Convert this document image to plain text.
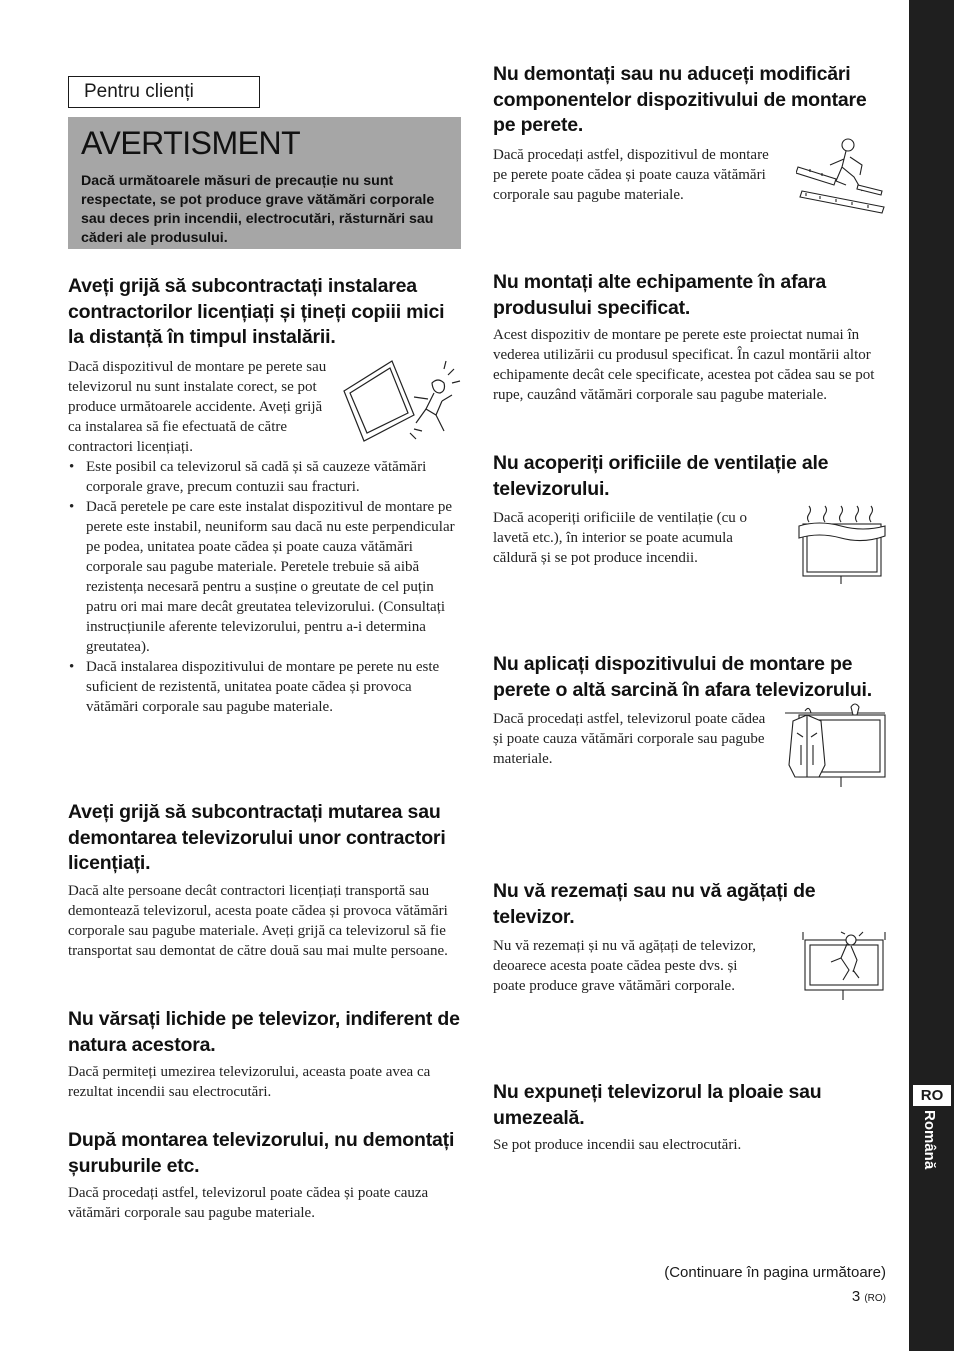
RO
Română
Pentru clienți
AVERTISMENT
Dacă următoarele măsuri de precauție nu sunt respectate, se pot produce grave vătămări corporale sau deces prin incendii, electrocutări, răsturnări sau căderi ale produsului.
Aveți grijă să subcontractați instalarea contractorilor licențiați și țineți copiii mici la distanță în timpul instalării.

Dacă dispozitivul de montare pe perete sau televizorul nu sunt instalate corect, se pot produce următoarele accidente. Aveți grijă ca instalarea să fie efectuată de către contractori licențiați.

• Este posibil ca televizorul să cadă și să cauzeze vătămări corporale grave, precum contuzii sau fracturi.
• Dacă peretele pe care este instalat dispozitivul de montare pe perete este instabil, neuniform sau dacă nu este perpendicular pe podea, unitatea poate cădea și poate cauza vătămări corporale sau pagube materiale. Peretele trebuie să aibă rezistența necesară pentru a susține o greutate de cel puțin patru ori mai mare decât greutatea televizorului. (Consultați instrucțiunile aferente televizorului, pentru a-i determina greutatea).
• Dacă instalarea dispozitivului de montare pe perete nu este suficient de rezistentă, unitatea poate cădea și provoca vătămări corporale sau pagube materiale.
Aveți grijă să subcontractați mutarea sau demontarea televizorului unor contractori licențiați.

Dacă alte persoane decât contractori licențiați transportă sau demontează televizorul, acesta poate cădea și provoca vătămări corporale sau pagube materiale. Aveți grijă ca televizorul să fie transportat sau demontat de către două sau mai multe persoane.

Nu vărsați lichide pe televizor, indiferent de natura acestora.

Dacă permiteți umezirea televizorului, aceasta poate avea ca rezultat incendii sau electrocutări.

După montarea televizorului, nu demontați șuruburile etc.

Dacă procedați astfel, televizorul poate cădea și poate cauza vătămări corporale sau pagube materiale.

Nu demontați sau nu aduceți modificări componentelor dispozitivului de montare pe perete.

Dacă procedați astfel, dispozitivul de montare pe perete poate cădea și poate cauza vătămări corporale sau pagube materiale.

Nu montați alte echipamente în afara produsului specificat.

Acest dispozitiv de montare pe perete este proiectat numai în vederea utilizării cu produsul specificat. În cazul montării altor echipamente decât cele specificate, acestea pot cădea sau se pot rupe, cauzând vătămări corporale sau pagube materiale.

Nu acoperiți orificiile de ventilație ale televizorului.

Dacă acoperiți orificiile de ventilație (cu o lavetă etc.), în interior se poate acumula căldură și se pot produce incendii.

Nu aplicați dispozitivului de montare pe perete o altă sarcină în afara televizorului.

Dacă procedați astfel, televizorul poate cădea și poate cauza vătămări corporale sau pagube materiale.

Nu vă rezemați sau nu vă agățați de televizor.

Nu vă rezemați și nu vă agățați de televizor, deoarece acesta poate cădea peste dvs. și poate produce grave vătămări corporale.

Nu expuneți televizorul la ploaie sau umezeală.

Se pot produce incendii sau electrocutări.

(Continuare în pagina următoare)
3 (RO)
